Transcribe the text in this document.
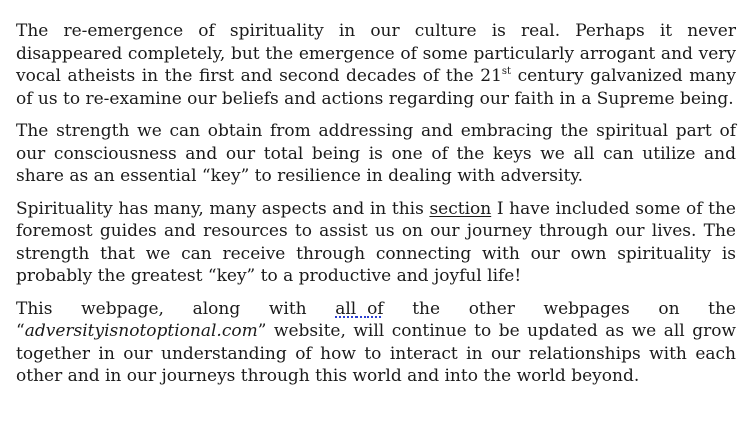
The re-emergence of spirituality in our culture is real. Perhaps it never disappeared completely, but the emergence of some particularly arrogant and very vocal atheists in the first and second decades of the 21st century galvanized many of us to re-examine our beliefs and actions regarding our faith in a Supreme being.

The strength we can obtain from addressing and embracing the spiritual part of our consciousness and our total being is one of the keys we all can utilize and share as an essential “key” to resilience in dealing with adversity.

Spirituality has many, many aspects and in this section I have included some of the foremost guides and resources to assist us on our journey through our lives. The strength that we can receive through connecting with our own spirituality is probably the greatest “key” to a productive and joyful life!

This webpage, along with all of the other webpages on the
“adversityisnotoptional.com” website, will continue to be updated as we all grow together in our understanding of how to interact in our relationships with each other and in our journeys through this world and into the world beyond.
